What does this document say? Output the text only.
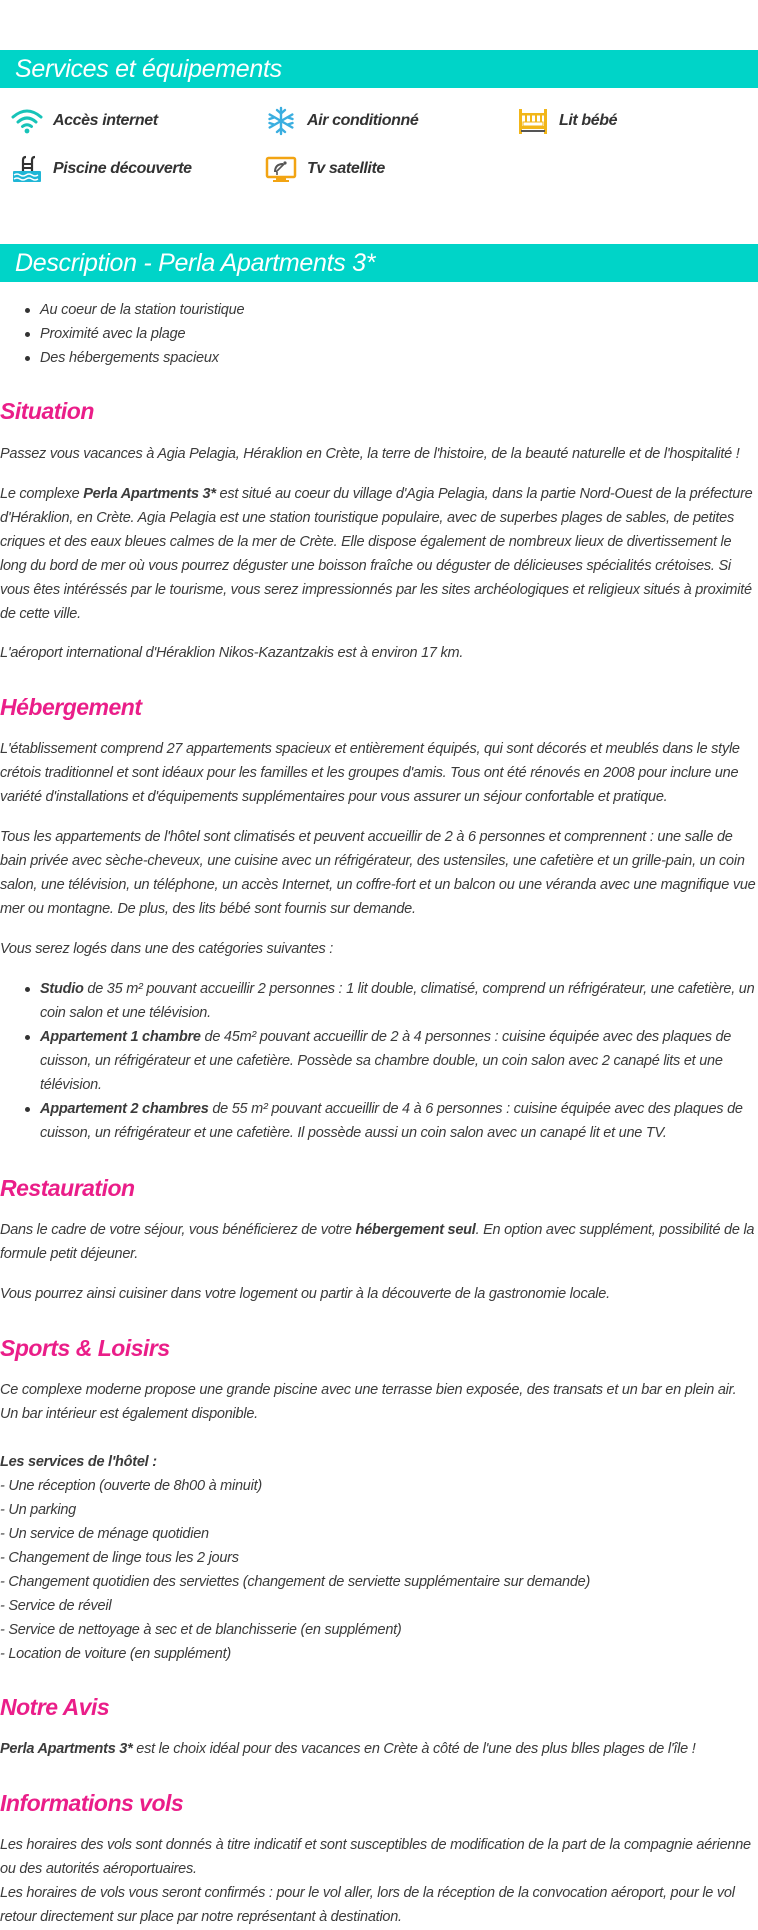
Services et équipements
Accès internet	Air conditionné	Lit bébé
Piscine découverte	Tv satellite
Description - Perla Apartments 3*
Au coeur de la station touristique
Proximité avec la plage
Des hébergements spacieux
Situation

Passez vous vacances à Agia Pelagia, Héraklion en Crète, la terre de l'histoire, de la beauté naturelle et de l'hospitalité !

Le complexe Perla Apartments 3* est situé au coeur du village d'Agia Pelagia, dans la partie Nord-Ouest de la préfecture d'Héraklion, en Crète. Agia Pelagia est une station touristique populaire, avec de superbes plages de sables, de petites criques et des eaux bleues calmes de la mer de Crète. Elle dispose également de nombreux lieux de divertissement le long du bord de mer où vous pourrez déguster une boisson fraîche ou déguster de délicieuses spécialités crétoises. Si vous êtes intéréssés par le tourisme, vous serez impressionnés par les sites archéologiques et religieux situés à proximité de cette ville.

L'aéroport international d'Héraklion Nikos-Kazantzakis est à environ 17 km.

Hébergement

L'établissement comprend 27 appartements spacieux et entièrement équipés, qui sont décorés et meublés dans le style crétois traditionnel et sont idéaux pour les familles et les groupes d'amis. Tous ont été rénovés en 2008 pour inclure une variété d'installations et d'équipements supplémentaires pour vous assurer un séjour confortable et pratique.

Tous les appartements de l'hôtel sont climatisés et peuvent accueillir de 2 à 6 personnes et comprennent : une salle de bain privée avec sèche-cheveux, une cuisine avec un réfrigérateur, des ustensiles, une cafetière et un grille-pain, un coin salon, une télévision, un téléphone, un accès Internet, un coffre-fort et un balcon ou une véranda avec une magnifique vue mer ou montagne. De plus, des lits bébé sont fournis sur demande.

Vous serez logés dans une des catégories suivantes :

Studio de 35 m² pouvant accueillir 2 personnes : 1 lit double, climatisé, comprend un réfrigérateur, une cafetière, un coin salon et une télévision.
Appartement 1 chambre de 45m² pouvant accueillir de 2 à 4 personnes : cuisine équipée avec des plaques de cuisson, un réfrigérateur et une cafetière. Possède sa chambre double, un coin salon avec 2 canapé lits et une télévision.
Appartement 2 chambres de 55 m² pouvant accueillir de 4 à 6 personnes : cuisine équipée avec des plaques de cuisson, un réfrigérateur et une cafetière. Il possède aussi un coin salon avec un canapé lit et une TV.
Restauration

Dans le cadre de votre séjour, vous bénéficierez de votre hébergement seul. En option avec supplément, possibilité de la formule petit déjeuner.

Vous pourrez ainsi cuisiner dans votre logement ou partir à la découverte de la gastronomie locale.

Sports & Loisirs

Ce complexe moderne propose une grande piscine avec une terrasse bien exposée, des transats et un bar en plein air. Un bar intérieur est également disponible.

Les services de l'hôtel :
- Une réception (ouverte de 8h00 à minuit)
- Un parking
- Un service de ménage quotidien
- Changement de linge tous les 2 jours
- Changement quotidien des serviettes (changement de serviette supplémentaire sur demande)
- Service de réveil
- Service de nettoyage à sec et de blanchisserie (en supplément)
- Location de voiture (en supplément)
Notre Avis

Perla Apartments 3* est le choix idéal pour des vacances en Crète à côté de l'une des plus blles plages de l'île !

Informations vols

Les horaires des vols sont donnés à titre indicatif et sont susceptibles de modification de la part de la compagnie aérienne ou des autorités aéroportuaires.

Les horaires de vols vous seront confirmés : pour le vol aller, lors de la réception de la convocation aéroport, pour le vol retour directement sur place par notre représentant à destination.
